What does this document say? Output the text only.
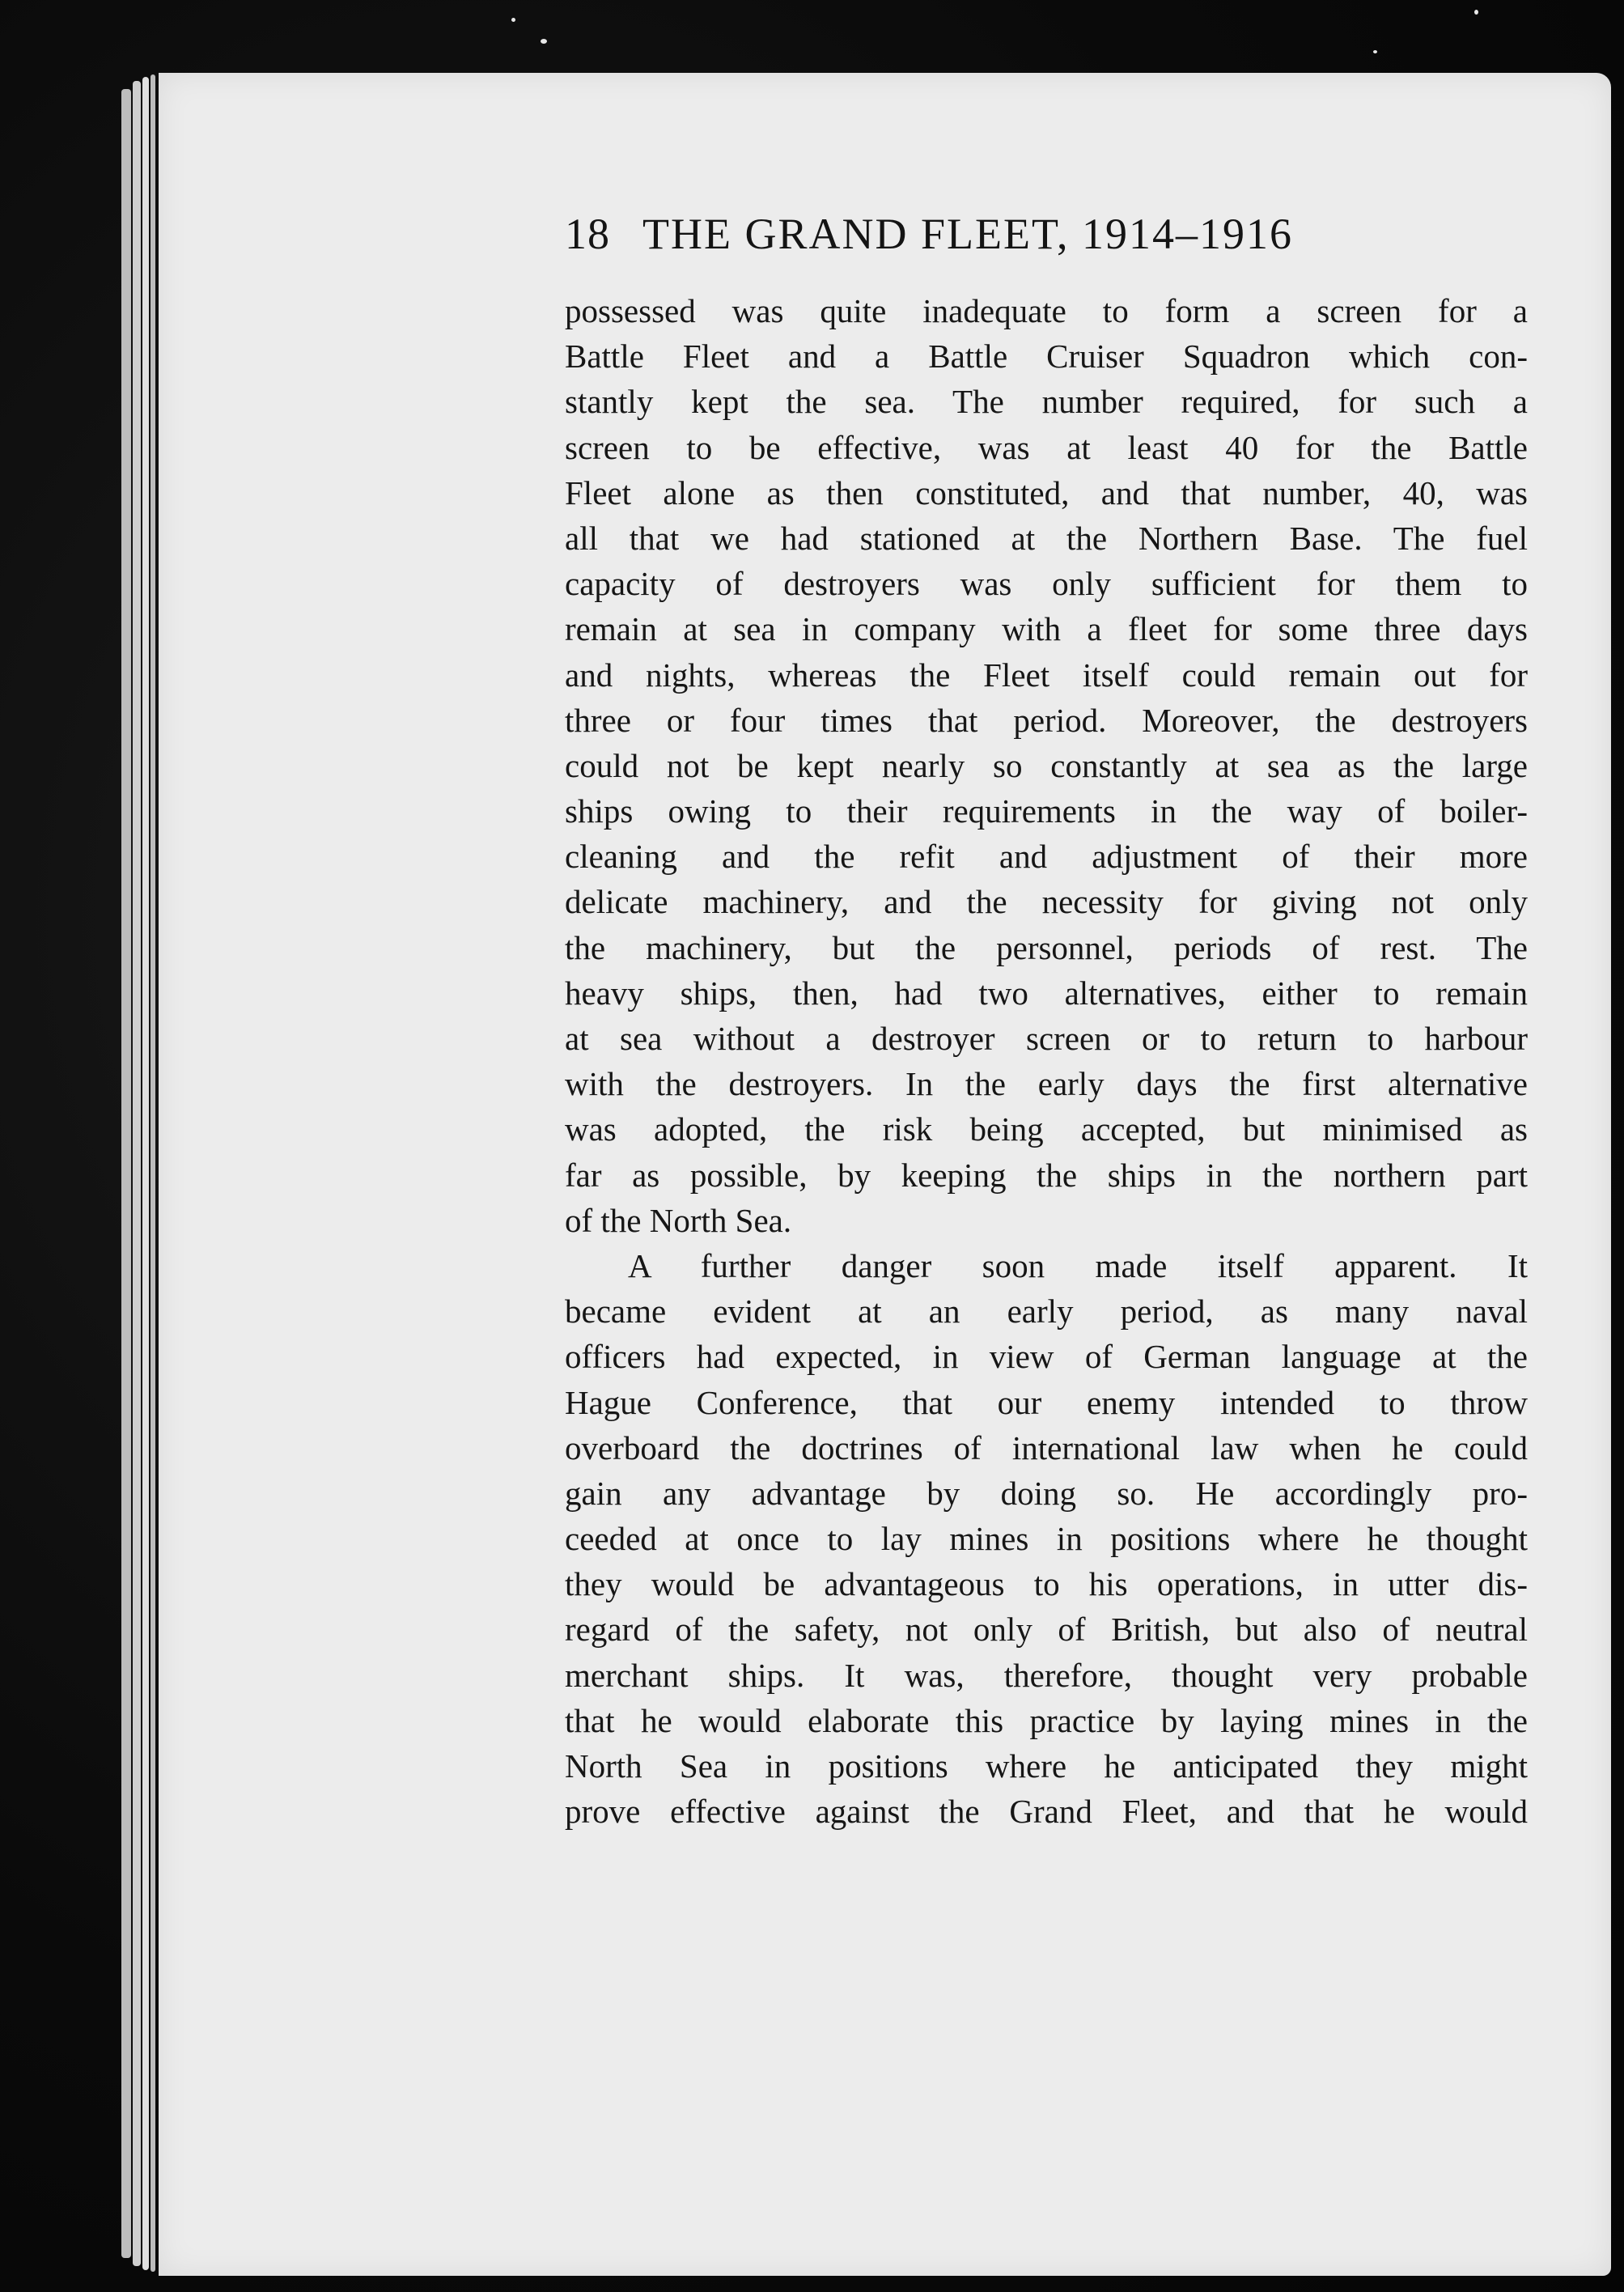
18 THE GRAND FLEET, 1914–1916
possessed was quite inadequate to form a screen for a
Battle Fleet and a Battle Cruiser Squadron which con-
stantly kept the sea. The number required, for such a
screen to be effective, was at least 40 for the Battle
Fleet alone as then constituted, and that number, 40, was
all that we had stationed at the Northern Base. The fuel
capacity of destroyers was only sufficient for them to
remain at sea in company with a fleet for some three days
and nights, whereas the Fleet itself could remain out for
three or four times that period. Moreover, the destroyers
could not be kept nearly so constantly at sea as the large
ships owing to their requirements in the way of boiler-
cleaning and the refit and adjustment of their more
delicate machinery, and the necessity for giving not only
the machinery, but the personnel, periods of rest. The
heavy ships, then, had two alternatives, either to remain
at sea without a destroyer screen or to return to harbour
with the destroyers. In the early days the first alternative
was adopted, the risk being accepted, but minimised as
far as possible, by keeping the ships in the northern part
of the North Sea.
A further danger soon made itself apparent. It
became evident at an early period, as many naval
officers had expected, in view of German language at the
Hague Conference, that our enemy intended to throw
overboard the doctrines of international law when he could
gain any advantage by doing so. He accordingly pro-
ceeded at once to lay mines in positions where he thought
they would be advantageous to his operations, in utter dis-
regard of the safety, not only of British, but also of neutral
merchant ships. It was, therefore, thought very probable
that he would elaborate this practice by laying mines in the
North Sea in positions where he anticipated they might
prove effective against the Grand Fleet, and that he would
